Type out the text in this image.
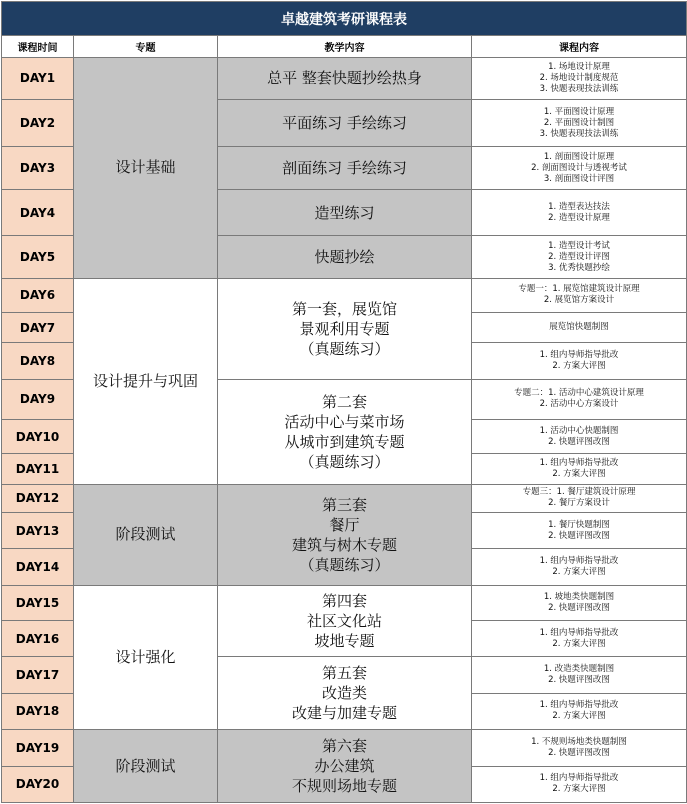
卓越建筑考研课程表			
课程时间	专题	教学内容	课程内容
DAY1	设计基础	总平 整套快题抄绘热身	1. 场地设计原理
2. 场地设计制度规范
3. 快题表现技法训练
DAY2		平面练习 手绘练习	1. 平面图设计原理
2. 平面图设计制图
3. 快题表现技法训练
DAY3		剖面练习 手绘练习	1. 剖面图设计原理
2. 剖面图设计与透视考试
3. 剖面图设计评图
DAY4		造型练习	1. 造型表达技法
2. 造型设计原理
DAY5		快题抄绘	1. 造型设计考试
2. 造型设计评图
3. 优秀快题抄绘
DAY6	设计提升与巩固	第一套，展览馆
景观利用专题
（真题练习）	专题一：1. 展览馆建筑设计原理
2. 展览馆方案设计
DAY7			展览馆快题制图
DAY8			1. 组内导师指导批改
2. 方案大评图
DAY9		第二套
活动中心与菜市场
从城市到建筑专题
（真题练习）	专题二：1. 活动中心建筑设计原理
2. 活动中心方案设计
DAY10			1. 活动中心快题制图
2. 快题评图改图
DAY11			1. 组内导师指导批改
2. 方案大评图
DAY12	阶段测试	第三套
餐厅
建筑与树木专题
（真题练习）	专题三：1. 餐厅建筑设计原理
2. 餐厅方案设计
DAY13			1. 餐厅快题制图
2. 快题评图改图
DAY14			1. 组内导师指导批改
2. 方案大评图
DAY15	设计强化	第四套
社区文化站
坡地专题	1. 坡地类快题制图
2. 快题评图改图
DAY16			1. 组内导师指导批改
2. 方案大评图
DAY17		第五套
改造类
改建与加建专题	1. 改造类快题制图
2. 快题评图改图
DAY18			1. 组内导师指导批改
2. 方案大评图
DAY19	阶段测试	第六套
办公建筑
不规则场地专题	1. 不规则场地类快题制图
2. 快题评图改图
DAY20			1. 组内导师指导批改
2. 方案大评图
